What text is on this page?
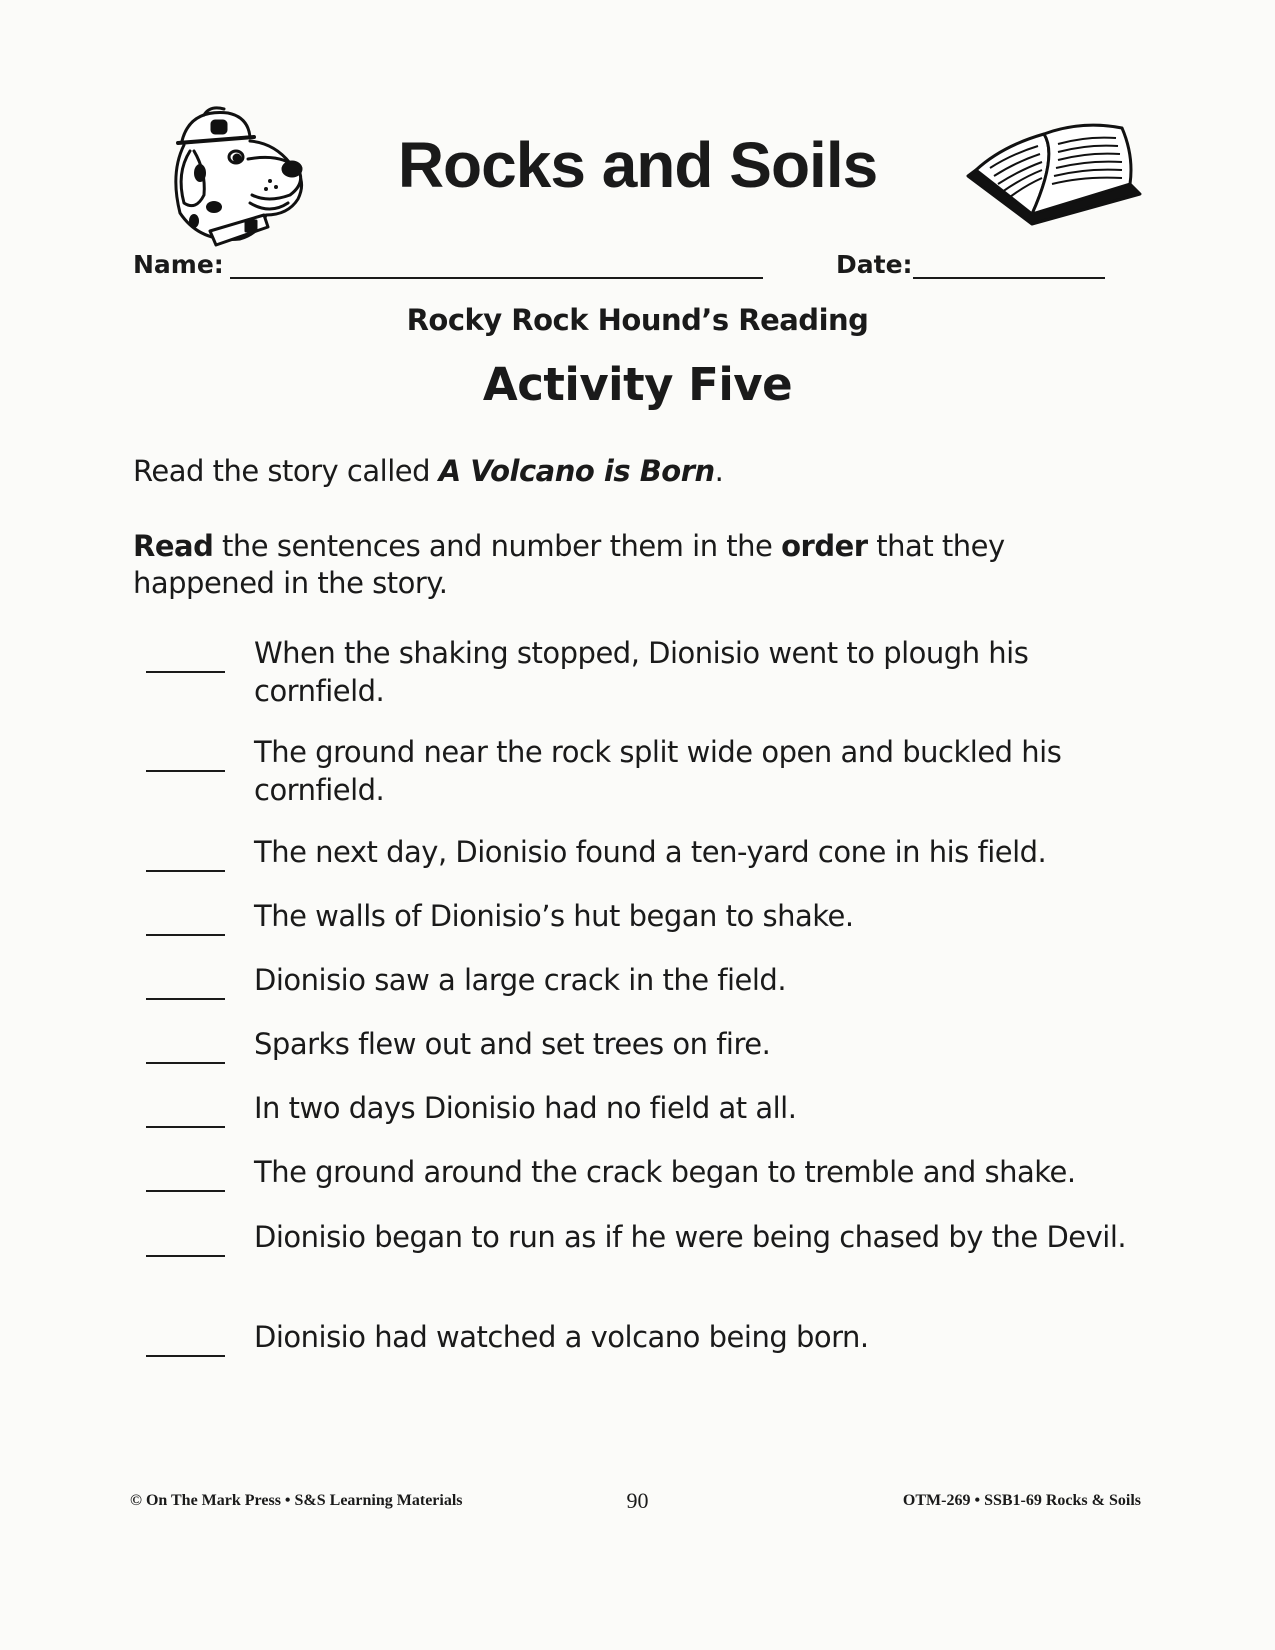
Rocks and Soils
Name:	Date:
Rocky Rock Hound’s Reading
Activity Five
Read the story called A Volcano is Born.
Read the sentences and number them in the order that they happened in the story.
When the shaking stopped, Dionisio went to plough his cornfield.
The ground near the rock split wide open and buckled his cornfield.
The next day, Dionisio found a ten-yard cone in his field.
The walls of Dionisio’s hut began to shake.
Dionisio saw a large crack in the field.
Sparks flew out and set trees on fire.
In two days Dionisio had no field at all.
The ground around the crack began to tremble and shake.
Dionisio began to run as if he were being chased by the Devil.
Dionisio had watched a volcano being born.
© On The Mark Press • S&S Learning Materials	90	OTM-269 • SSB1-69 Rocks & Soils
